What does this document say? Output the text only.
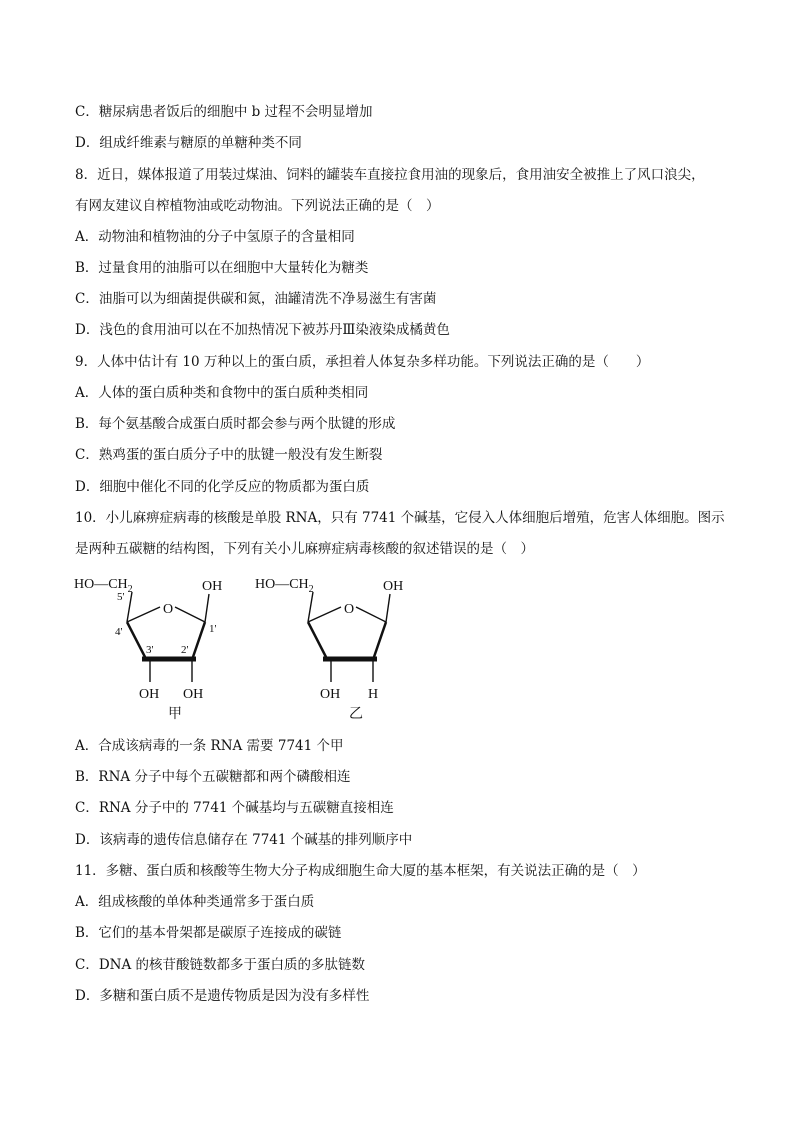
C．糖尿病患者饭后的细胞中 b 过程不会明显增加
D．组成纤维素与糖原的单糖种类不同
8．近日，媒体报道了用装过煤油、饲料的罐装车直接拉食用油的现象后，食用油安全被推上了风口浪尖，
有网友建议自榨植物油或吃动物油。下列说法正确的是（　）
A．动物油和植物油的分子中氢原子的含量相同
B．过量食用的油脂可以在细胞中大量转化为糖类
C．油脂可以为细菌提供碳和氮，油罐清洗不净易滋生有害菌
D．浅色的食用油可以在不加热情况下被苏丹Ⅲ染液染成橘黄色
9．人体中估计有 10 万种以上的蛋白质，承担着人体复杂多样功能。下列说法正确的是（　　）
A．人体的蛋白质种类和食物中的蛋白质种类相同
B．每个氨基酸合成蛋白质时都会参与两个肽键的形成
C．熟鸡蛋的蛋白质分子中的肽键一般没有发生断裂
D．细胞中催化不同的化学反应的物质都为蛋白质
10．小儿麻痹症病毒的核酸是单股 RNA，只有 7741 个碱基，它侵入人体细胞后增殖，危害人体细胞。图示
是两种五碳糖的结构图，下列有关小儿麻痹症病毒核酸的叙述错误的是（　）
$HO—CH_2$	OH
O
5'
4'	1'
3'	2'
OH OH
甲
$HO—CH_2$	OH
O
OH H
乙
A．合成该病毒的一条 RNA 需要 7741 个甲
B．RNA 分子中每个五碳糖都和两个磷酸相连
C．RNA 分子中的 7741 个碱基均与五碳糖直接相连
D．该病毒的遗传信息储存在 7741 个碱基的排列顺序中
11．多糖、蛋白质和核酸等生物大分子构成细胞生命大厦的基本框架，有关说法正确的是（　）
A．组成核酸的单体种类通常多于蛋白质
B．它们的基本骨架都是碳原子连接成的碳链
C．DNA 的核苷酸链数都多于蛋白质的多肽链数
D．多糖和蛋白质不是遗传物质是因为没有多样性
